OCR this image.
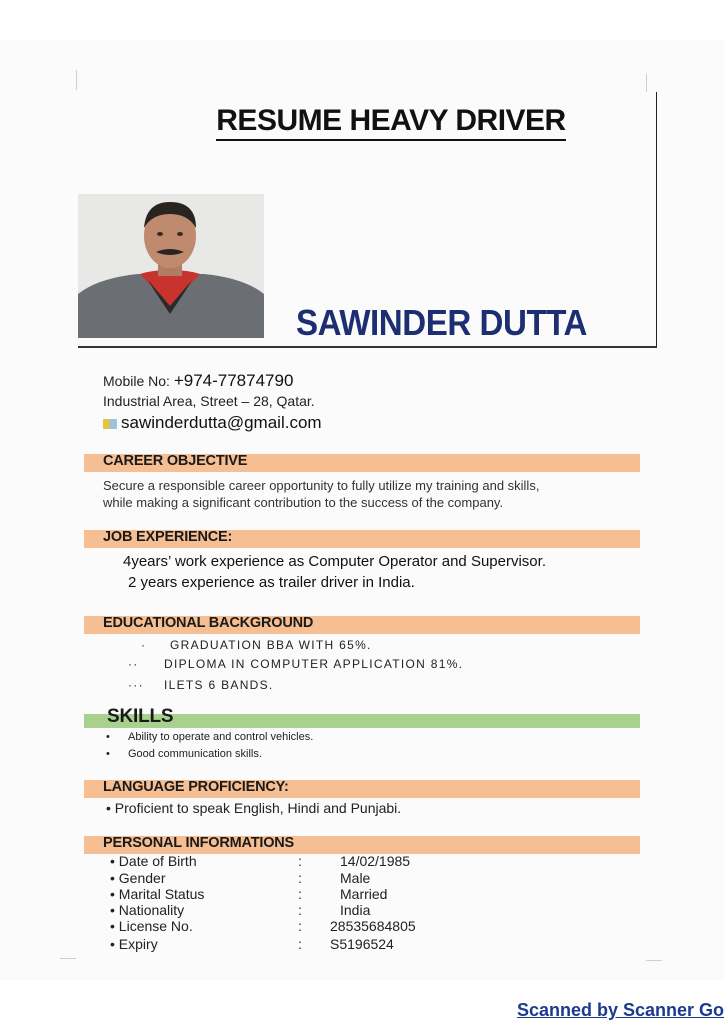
RESUME HEAVY DRIVER
SAWINDER DUTTA
Mobile No: +974-77874790
Industrial Area, Street – 28, Qatar.
sawinderdutta@gmail.com
CAREER OBJECTIVE
Secure a responsible career opportunity to fully utilize my training and skills,
while making a significant contribution to the success of the company.
JOB EXPERIENCE:
4years’ work experience as Computer Operator and Supervisor.
2 years experience as trailer driver in India.
EDUCATIONAL BACKGROUND
· GRADUATION BBA WITH 65%.
·· DIPLOMA IN COMPUTER APPLICATION 81%.
··· ILETS 6 BANDS.
SKILLS
• Ability to operate and control vehicles.
• Good communication skills.
LANGUAGE PROFICIENCY:
• Proficient to speak English, Hindi and Punjabi.
PERSONAL INFORMATIONS
• Date of Birth	:	14/02/1985
• Gender	:	Male
• Marital Status	:	Married
• Nationality	:	India
• License No.	: 28535684805
• Expiry	: S5196524
Scanned by Scanner Go
